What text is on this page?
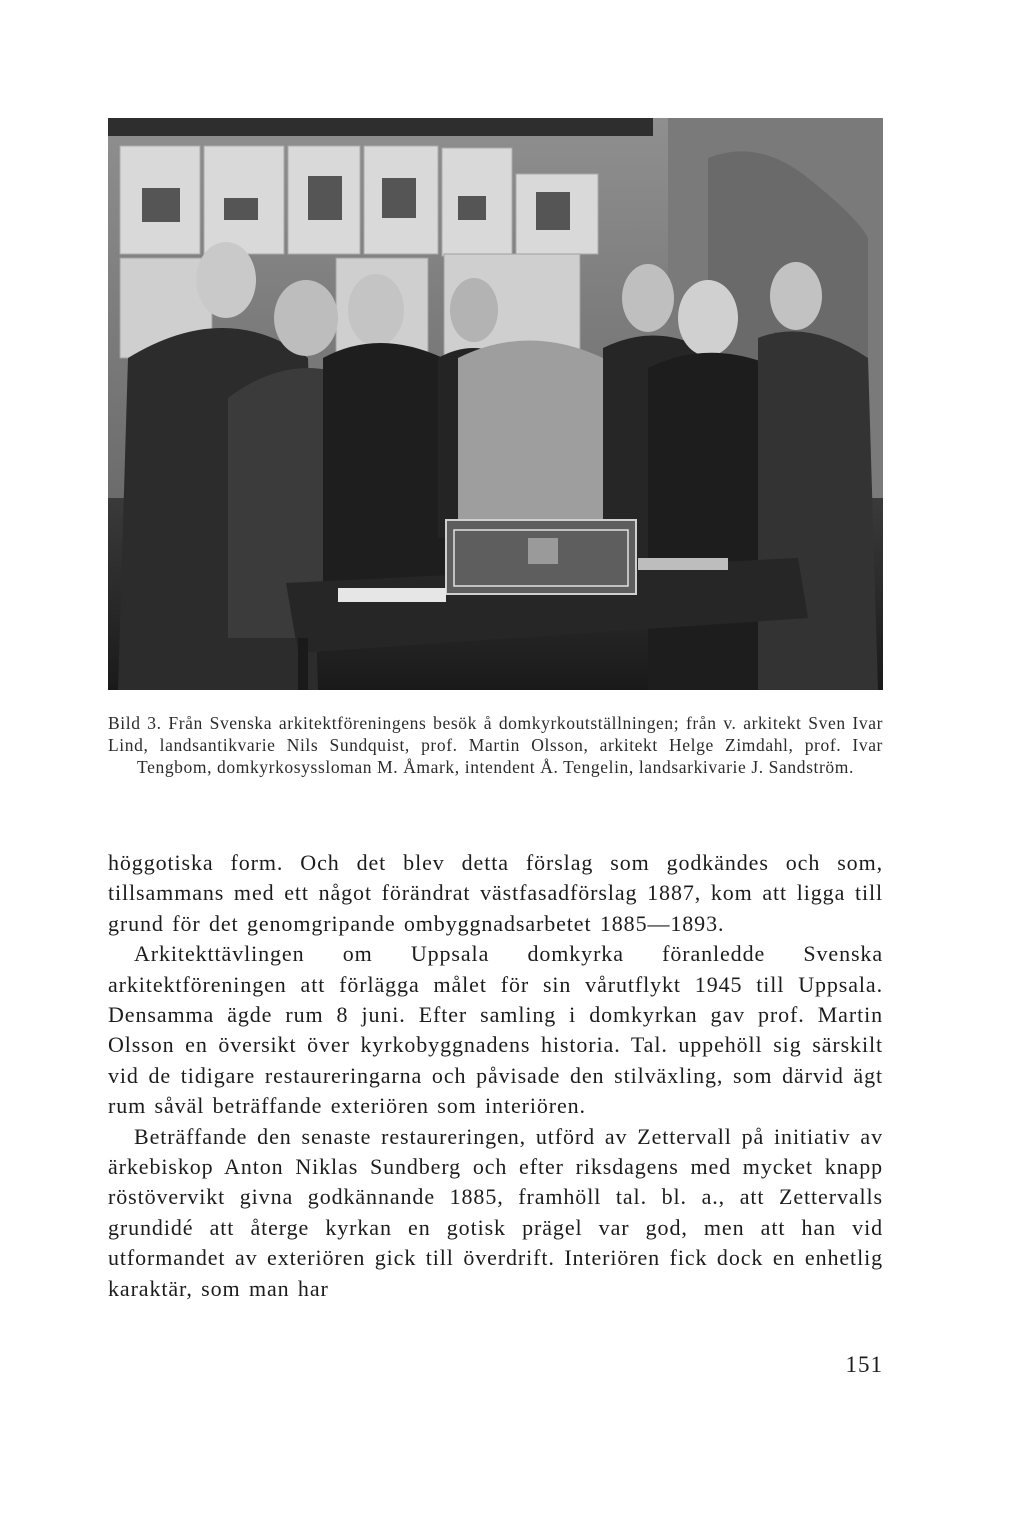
Bild 3. Från Svenska arkitektföreningens besök å domkyrkoutställningen; från v. arkitekt Sven Ivar Lind, landsantikvarie Nils Sundquist, prof. Martin Olsson, arkitekt Helge Zimdahl, prof. Ivar Tengbom, domkyrkosyssloman M. Åmark, intendent Å. Tengelin, landsarkivarie J. Sandström.

höggotiska form. Och det blev detta förslag som godkändes och som, tillsammans med ett något förändrat västfasadförslag 1887, kom att ligga till grund för det genomgripande ombyggnadsarbetet 1885—1893.

Arkitekttävlingen om Uppsala domkyrka föranledde Svenska arkitektföreningen att förlägga målet för sin vårutflykt 1945 till Uppsala. Densamma ägde rum 8 juni. Efter samling i domkyrkan gav prof. Martin Olsson en översikt över kyrkobyggnadens historia. Tal. uppehöll sig särskilt vid de tidigare restaureringarna och påvisade den stilväxling, som därvid ägt rum såväl beträffande exteriören som interiören.

Beträffande den senaste restaureringen, utförd av Zettervall på initiativ av ärkebiskop Anton Niklas Sundberg och efter riksdagens med mycket knapp röstövervikt givna godkännande 1885, framhöll tal. bl. a., att Zettervalls grundidé att återge kyrkan en gotisk prägel var god, men att han vid utformandet av exteriören gick till överdrift. Interiören fick dock en enhetlig karaktär, som man har

151
